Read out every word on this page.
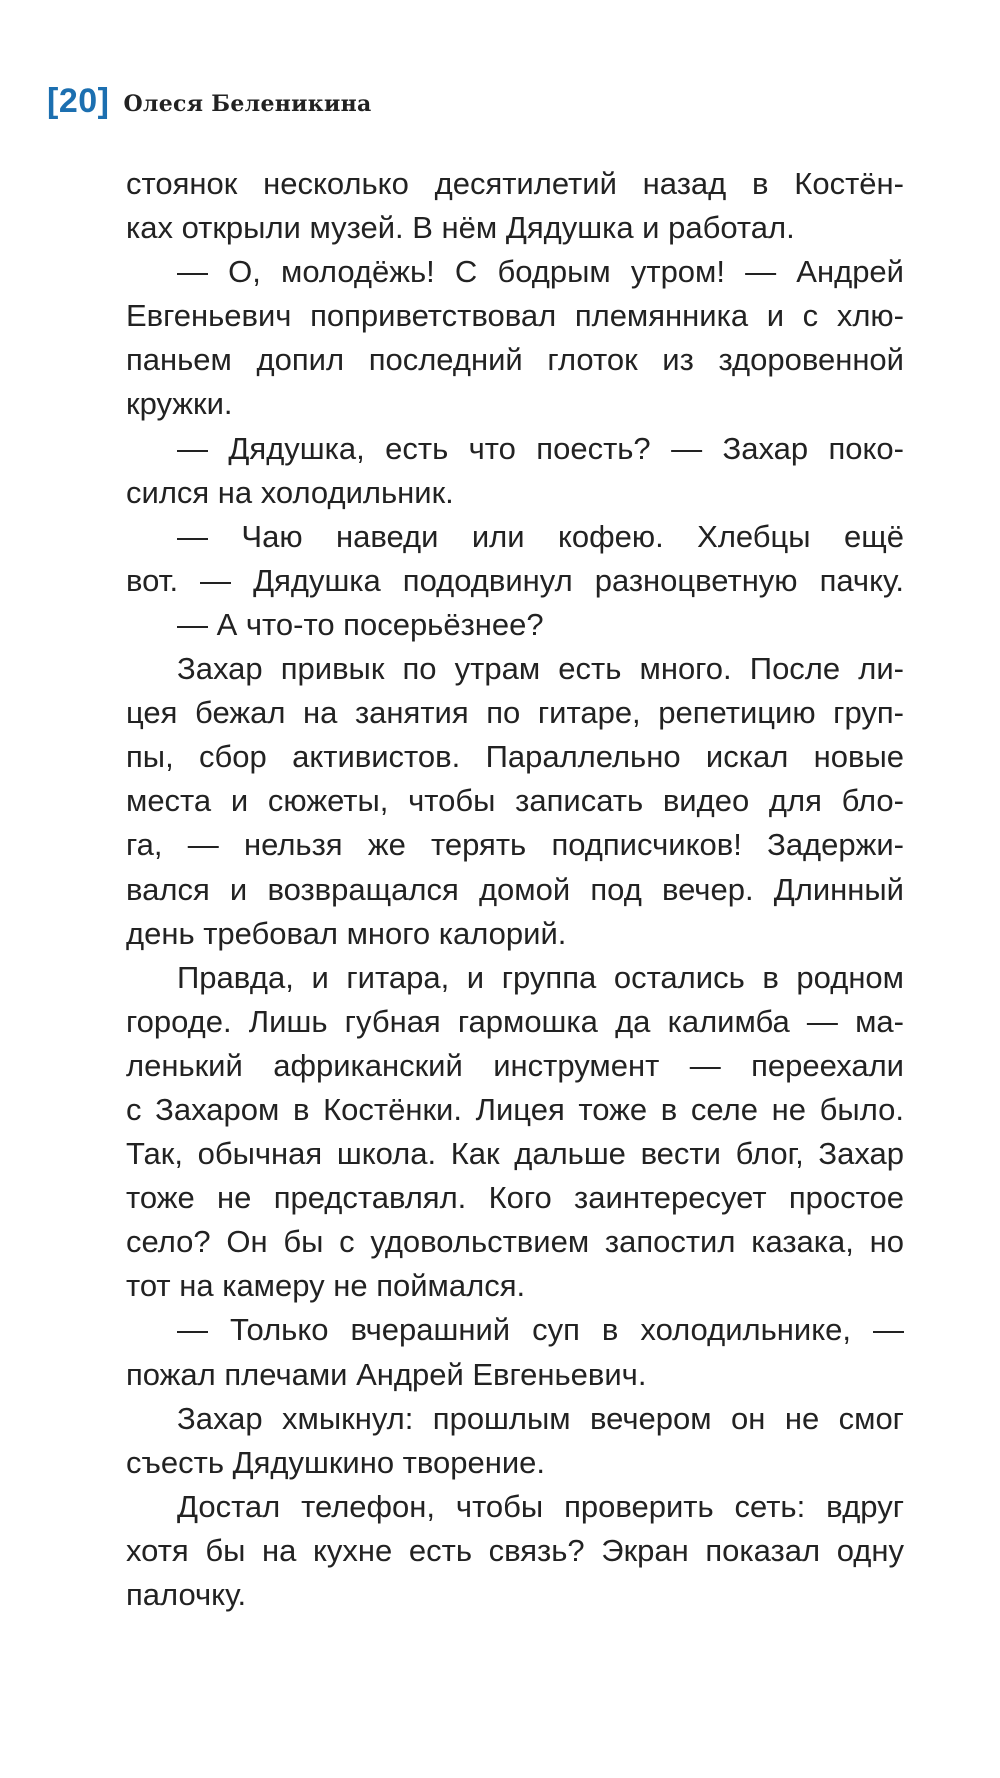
[20] Олеся Беленикина
стоянок несколько десятилетий назад в Костён-
ках открыли музей. В нём Дядушка и работал.
— О, молодёжь! С бодрым утром! — Андрей
Евгеньевич поприветствовал племянника и с хлю-
паньем допил последний глоток из здоровенной
кружки.
— Дядушка, есть что поесть? — Захар поко-
сился на холодильник.
— Чаю наведи или кофею. Хлебцы ещё
вот. — Дядушка пододвинул разноцветную пачку.
— А что-то посерьёзнее?
Захар привык по утрам есть много. После ли-
цея бежал на занятия по гитаре, репетицию груп-
пы, сбор активистов. Параллельно искал новые
места и сюжеты, чтобы записать видео для бло-
га, — нельзя же терять подписчиков! Задержи-
вался и возвращался домой под вечер. Длинный
день требовал много калорий.
Правда, и гитара, и группа остались в родном
городе. Лишь губная гармошка да калимба — ма-
ленький африканский инструмент — переехали
с Захаром в Костёнки. Лицея тоже в селе не было.
Так, обычная школа. Как дальше вести блог, Захар
тоже не представлял. Кого заинтересует простое
село? Он бы с удовольствием запостил казака, но
тот на камеру не поймался.
— Только вчерашний суп в холодильнике, —
пожал плечами Андрей Евгеньевич.
Захар хмыкнул: прошлым вечером он не смог
съесть Дядушкино творение.
Достал телефон, чтобы проверить сеть: вдруг
хотя бы на кухне есть связь? Экран показал одну
палочку.
